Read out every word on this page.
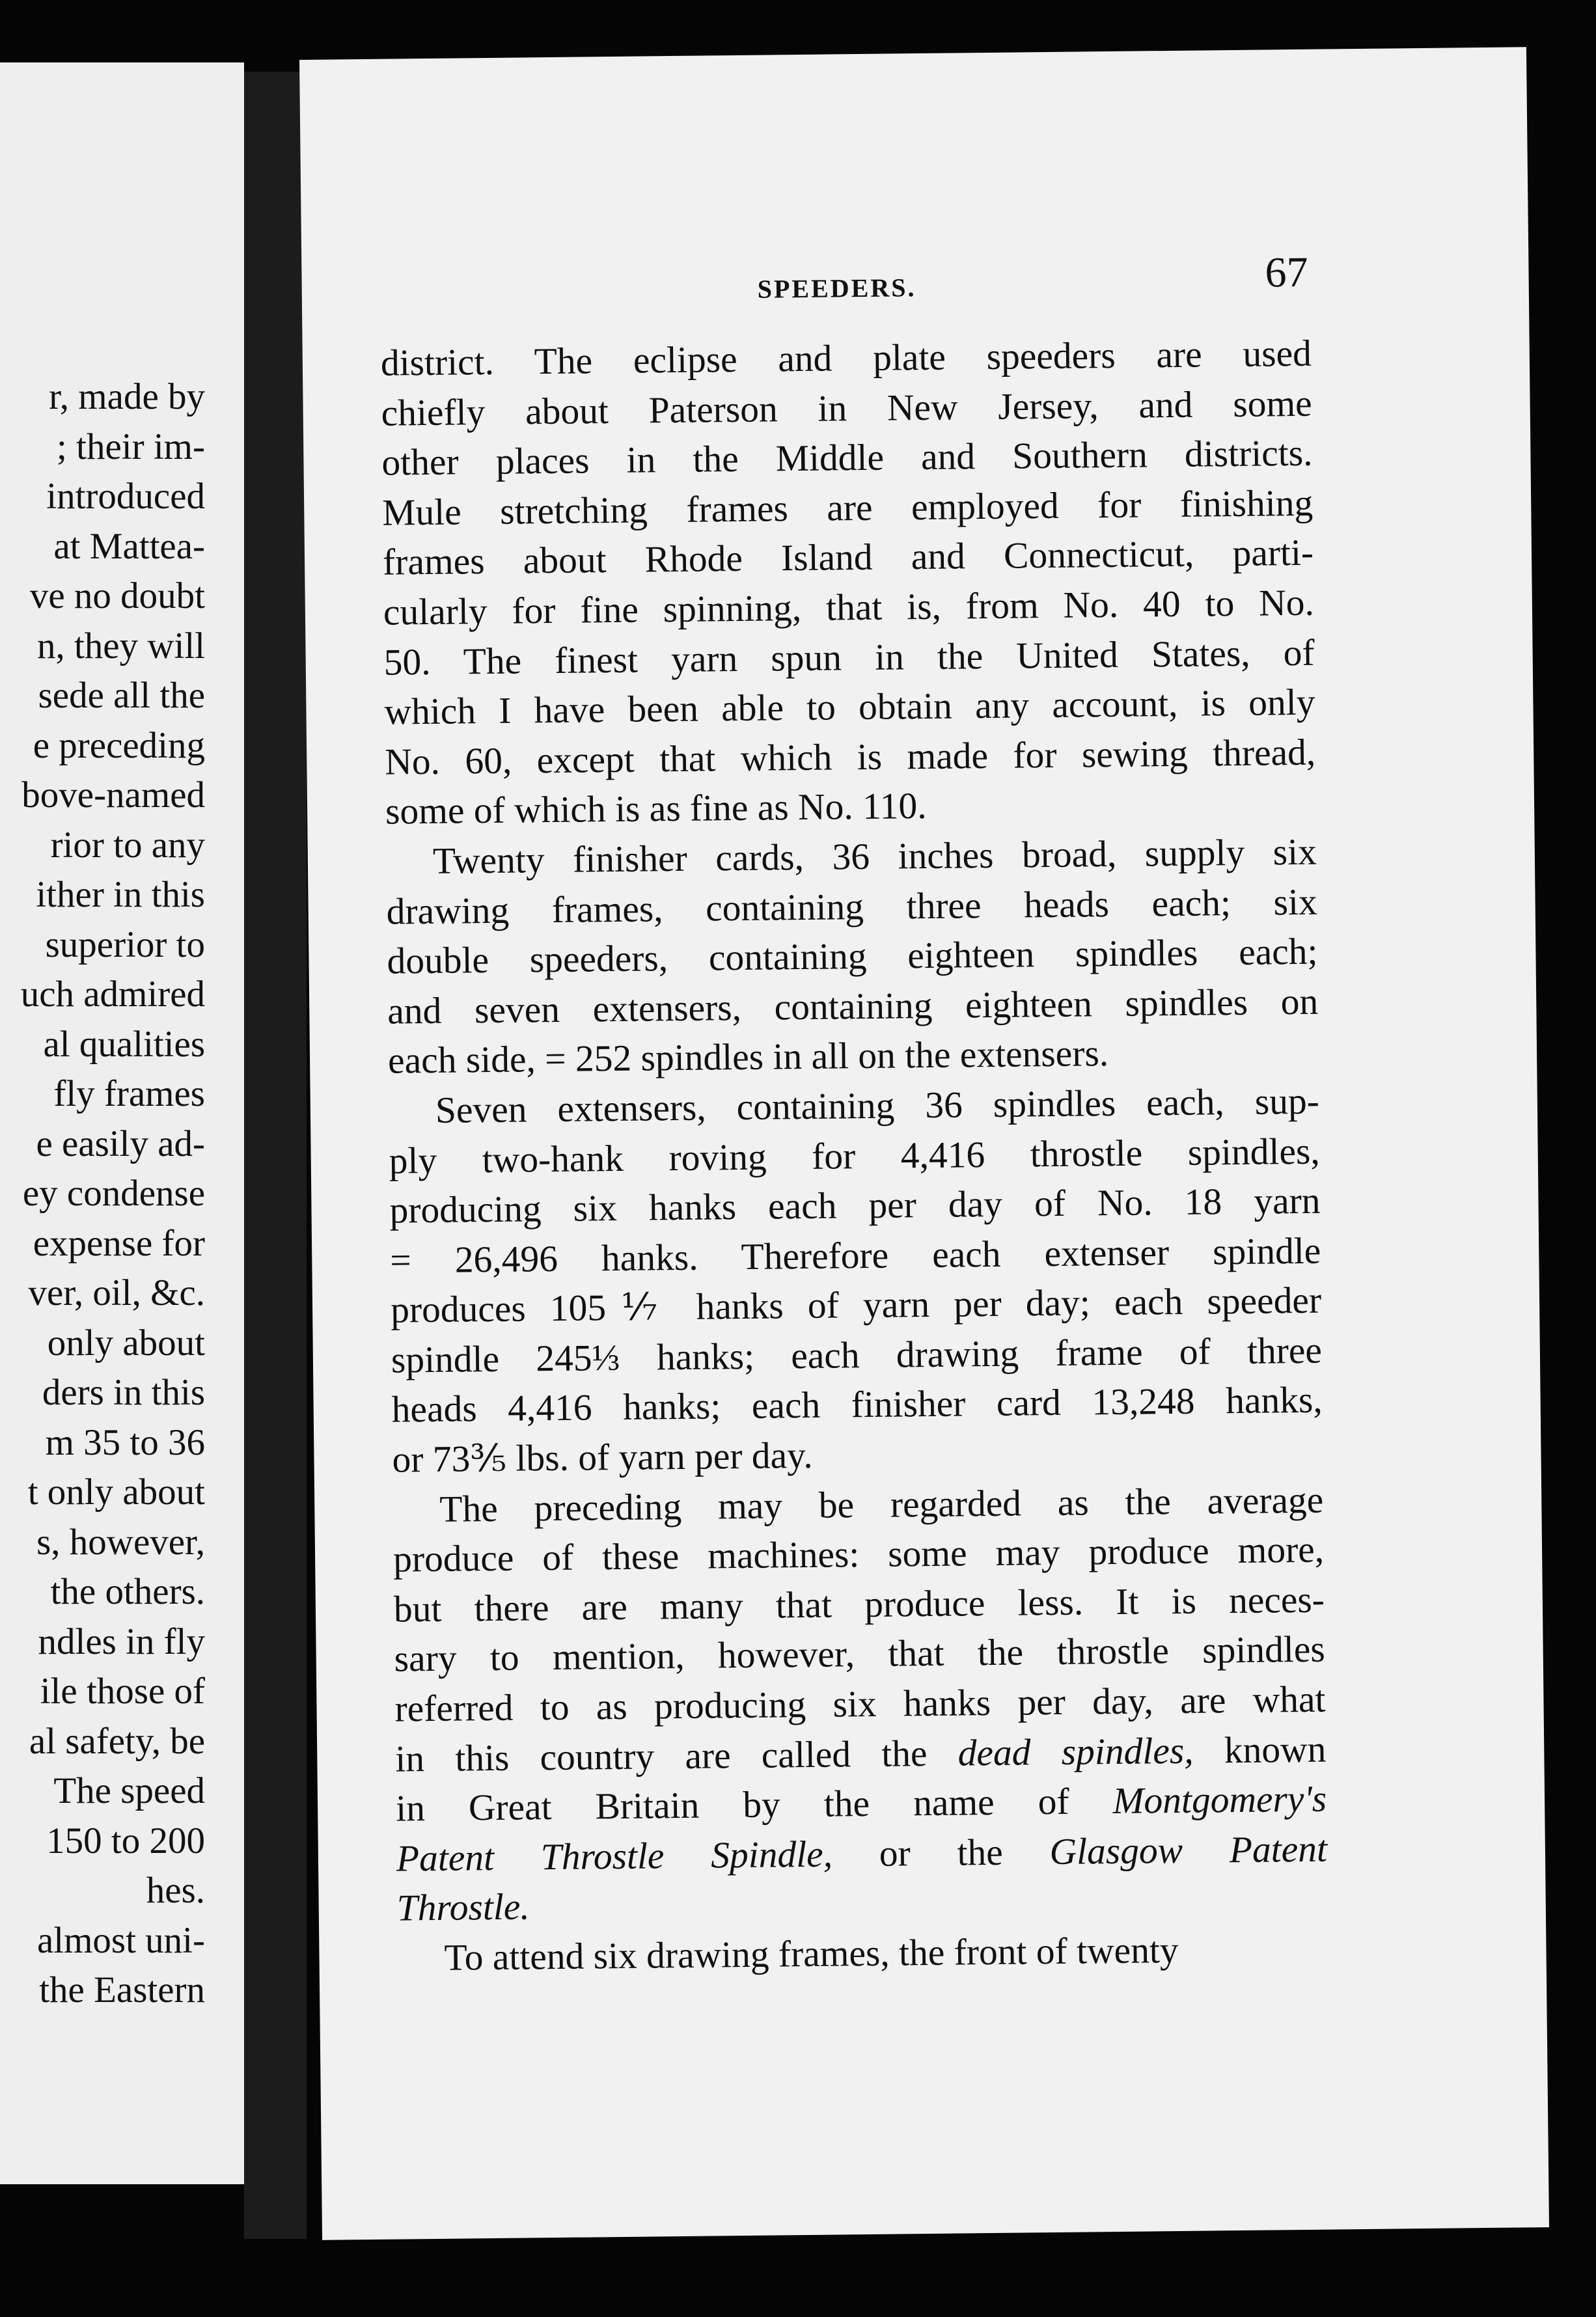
r, made by
; their im-
introduced
at Mattea-
ve no doubt
n, they will
sede all the
e preceding
bove-named
rior to any
ither in this
superior to
uch admired
al qualities
fly frames
e easily ad-
ey condense
expense for
ver, oil, &c.
only about
ders in this
m 35 to 36
t only about
s, however,
the others.
ndles in fly
ile those of
al safety, be
The speed
150 to 200
hes.
almost uni-
the Eastern
SPEEDERS.	67
district. The eclipse and plate speeders are used
chiefly about Paterson in New Jersey, and some
other places in the Middle and Southern districts.
Mule stretching frames are employed for finishing
frames about Rhode Island and Connecticut, parti-
cularly for fine spinning, that is, from No. 40 to No.
50. The finest yarn spun in the United States, of
which I have been able to obtain any account, is only
No. 60, except that which is made for sewing thread,
some of which is as fine as No. 110.
Twenty finisher cards, 36 inches broad, supply six
drawing frames, containing three heads each; six
double speeders, containing eighteen spindles each;
and seven extensers, containing eighteen spindles on
each side, = 252 spindles in all on the extensers.
Seven extensers, containing 36 spindles each, sup-
ply two-hank roving for 4,416 throstle spindles,
producing six hanks each per day of No. 18 yarn
= 26,496 hanks. Therefore each extenser spindle
produces 105⅐ hanks of yarn per day; each speeder
spindle 245⅓ hanks; each drawing frame of three
heads 4,416 hanks; each finisher card 13,248 hanks,
or 73⅗ lbs. of yarn per day.
The preceding may be regarded as the average
produce of these machines: some may produce more,
but there are many that produce less. It is neces-
sary to mention, however, that the throstle spindles
referred to as producing six hanks per day, are what
in this country are called the dead spindles, known
in Great Britain by the name of Montgomery's
Patent Throstle Spindle, or the Glasgow Patent
Throstle.
To attend six drawing frames, the front of twenty
